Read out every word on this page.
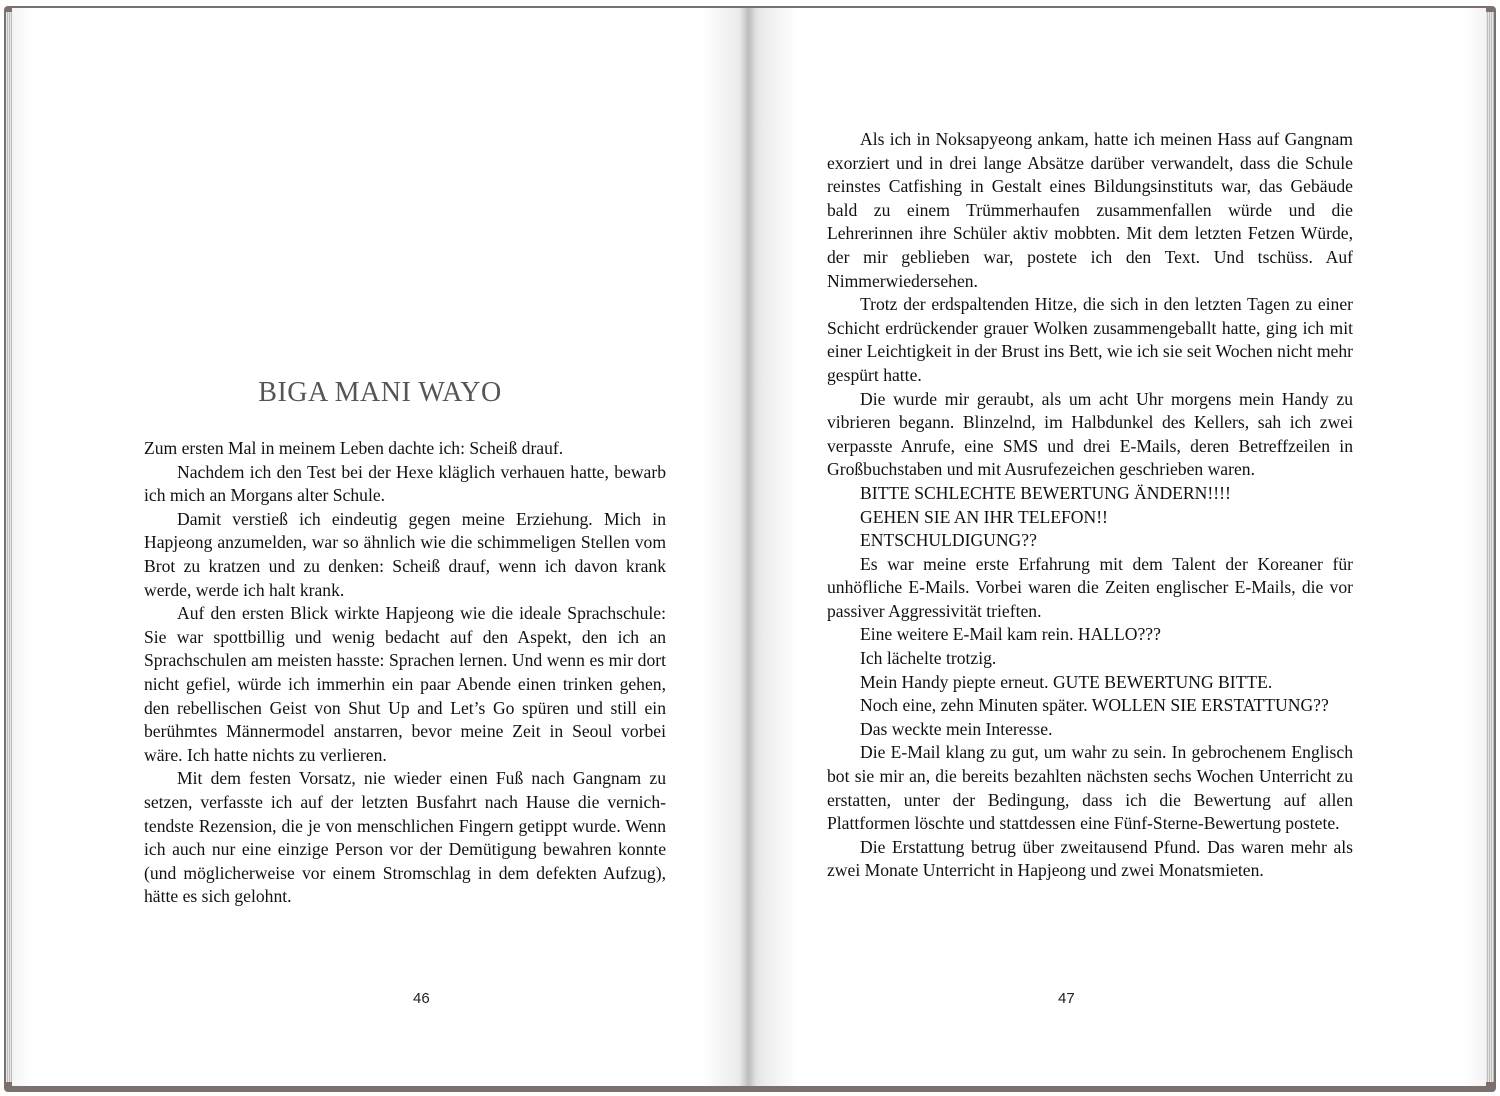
BIGA MANI WAYO

Zum ersten Mal in meinem Leben dachte ich: Scheiß drauf.

Nachdem ich den Test bei der Hexe kläglich verhauen hatte, bewarb ich mich an Morgans alter Schule.

Damit verstieß ich eindeutig gegen meine Erziehung. Mich in Hapjeong anzumelden, war so ähnlich wie die schimmeligen Stellen vom Brot zu kratzen und zu denken: Scheiß drauf, wenn ich davon krank werde, werde ich halt krank.

Auf den ersten Blick wirkte Hapjeong wie die ideale Sprachschule: Sie war spottbillig und wenig bedacht auf den Aspekt, den ich an Sprachschulen am meisten hasste: Sprachen lernen. Und wenn es mir dort nicht gefiel, würde ich immerhin ein paar Abende einen trinken gehen, den rebellischen Geist von Shut Up and Let’s Go spüren und still ein berühmtes Männermodel anstarren, bevor meine Zeit in Seoul vorbei wäre. Ich hatte nichts zu verlieren.

Mit dem festen Vorsatz, nie wieder einen Fuß nach Gangnam zu setzen, verfasste ich auf der letzten Busfahrt nach Hause die vernichtendste Rezension, die je von menschlichen Fingern getippt wurde. Wenn ich auch nur eine einzige Person vor der Demütigung bewahren konnte (und möglicherweise vor einem Stromschlag in dem defekten Aufzug), hätte es sich gelohnt.

46

Als ich in Noksapyeong ankam, hatte ich meinen Hass auf Gangnam exorziert und in drei lange Absätze darüber verwandelt, dass die Schule reinstes Catfishing in Gestalt eines Bildungsinstituts war, das Gebäude bald zu einem Trümmerhaufen zusammenfallen würde und die Lehrerinnen ihre Schüler aktiv mobbten. Mit dem letzten Fetzen Würde, der mir geblieben war, postete ich den Text. Und tschüss. Auf Nimmerwiedersehen.

Trotz der erdspaltenden Hitze, die sich in den letzten Tagen zu einer Schicht erdrückender grauer Wolken zusammengeballt hatte, ging ich mit einer Leichtigkeit in der Brust ins Bett, wie ich sie seit Wochen nicht mehr gespürt hatte.

Die wurde mir geraubt, als um acht Uhr morgens mein Handy zu vibrieren begann. Blinzelnd, im Halbdunkel des Kellers, sah ich zwei verpasste Anrufe, eine SMS und drei E-Mails, deren Betreffzeilen in Großbuchstaben und mit Ausrufezeichen geschrieben waren.

BITTE SCHLECHTE BEWERTUNG ÄNDERN!!!!

GEHEN SIE AN IHR TELEFON!!

ENTSCHULDIGUNG??

Es war meine erste Erfahrung mit dem Talent der Koreaner für unhöfliche E-Mails. Vorbei waren die Zeiten englischer E-Mails, die vor passiver Aggressivität trieften.

Eine weitere E-Mail kam rein. HALLO???

Ich lächelte trotzig.

Mein Handy piepte erneut. GUTE BEWERTUNG BITTE.

Noch eine, zehn Minuten später. WOLLEN SIE ERSTATTUNG??

Das weckte mein Interesse.

Die E-Mail klang zu gut, um wahr zu sein. In gebrochenem Englisch bot sie mir an, die bereits bezahlten nächsten sechs Wochen Unterricht zu erstatten, unter der Bedingung, dass ich die Bewertung auf allen Plattformen löschte und stattdessen eine Fünf-Sterne-Bewertung postete.

Die Erstattung betrug über zweitausend Pfund. Das waren mehr als zwei Monate Unterricht in Hapjeong und zwei Monatsmieten.

47
